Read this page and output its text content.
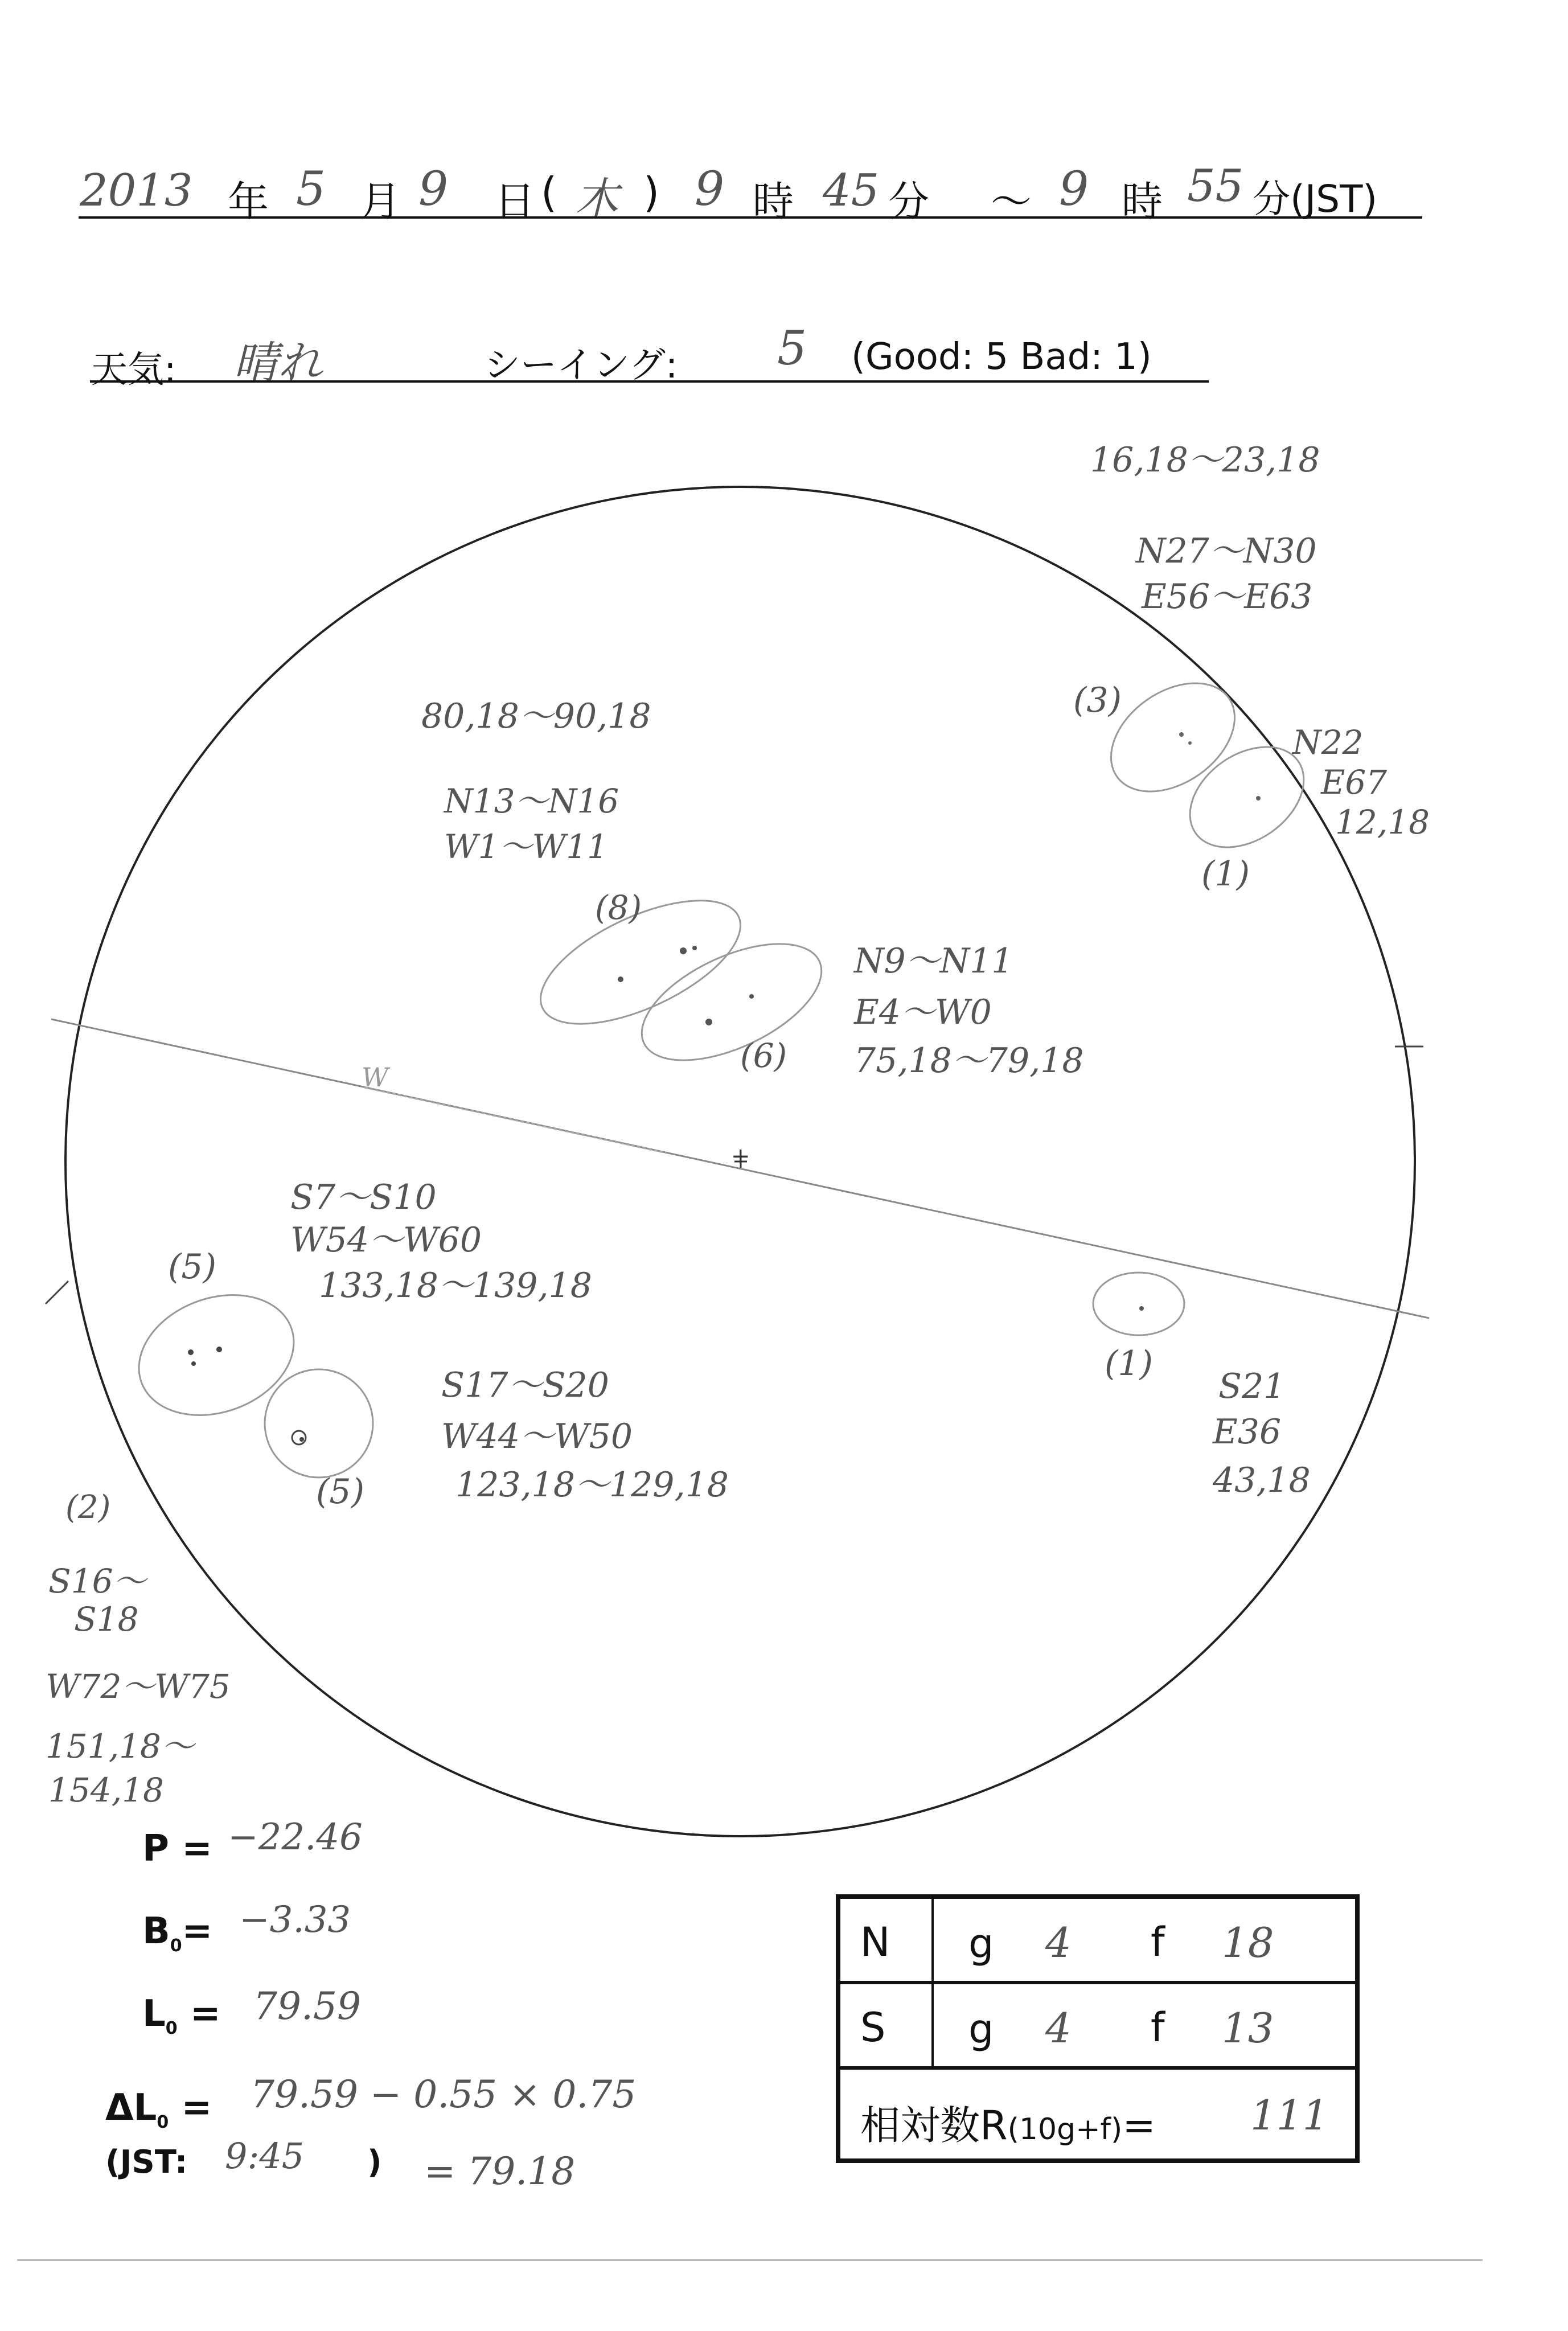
2013 年 5 月 9 日 ( 木 ) 9 時 45 分 ～ 9 時 55 分(JST)
天気: 晴れ	シーイング: 5 (Good: 5 Bad: 1)
+
W
(3)
16,18～23,18
N27～N30
E56～E63
(1)
N22
E67
12,18
(8)
80,18～90,18
N13～N16
W1～W11
(6)
N9～N11
E4～W0
75,18～79,18
(5)
S7～S10
W54～W60
133,18～139,18
(5)
S17～S20
W44～W50
123,18～129,18
(1)
S21
E36
43,18
(2)
S16～
S18
W72～W75
151,18～
154,18
P = −22.46
$B_0= -3.33$
$L_0 = 79.59$
$\Delta L_0 = 79.59 - 0.55 \times 0.75$
(JST: 9:45 ) = 79.18
N g 4 f 18
S g 4 f 13
相対数R(10g+f)= 111
